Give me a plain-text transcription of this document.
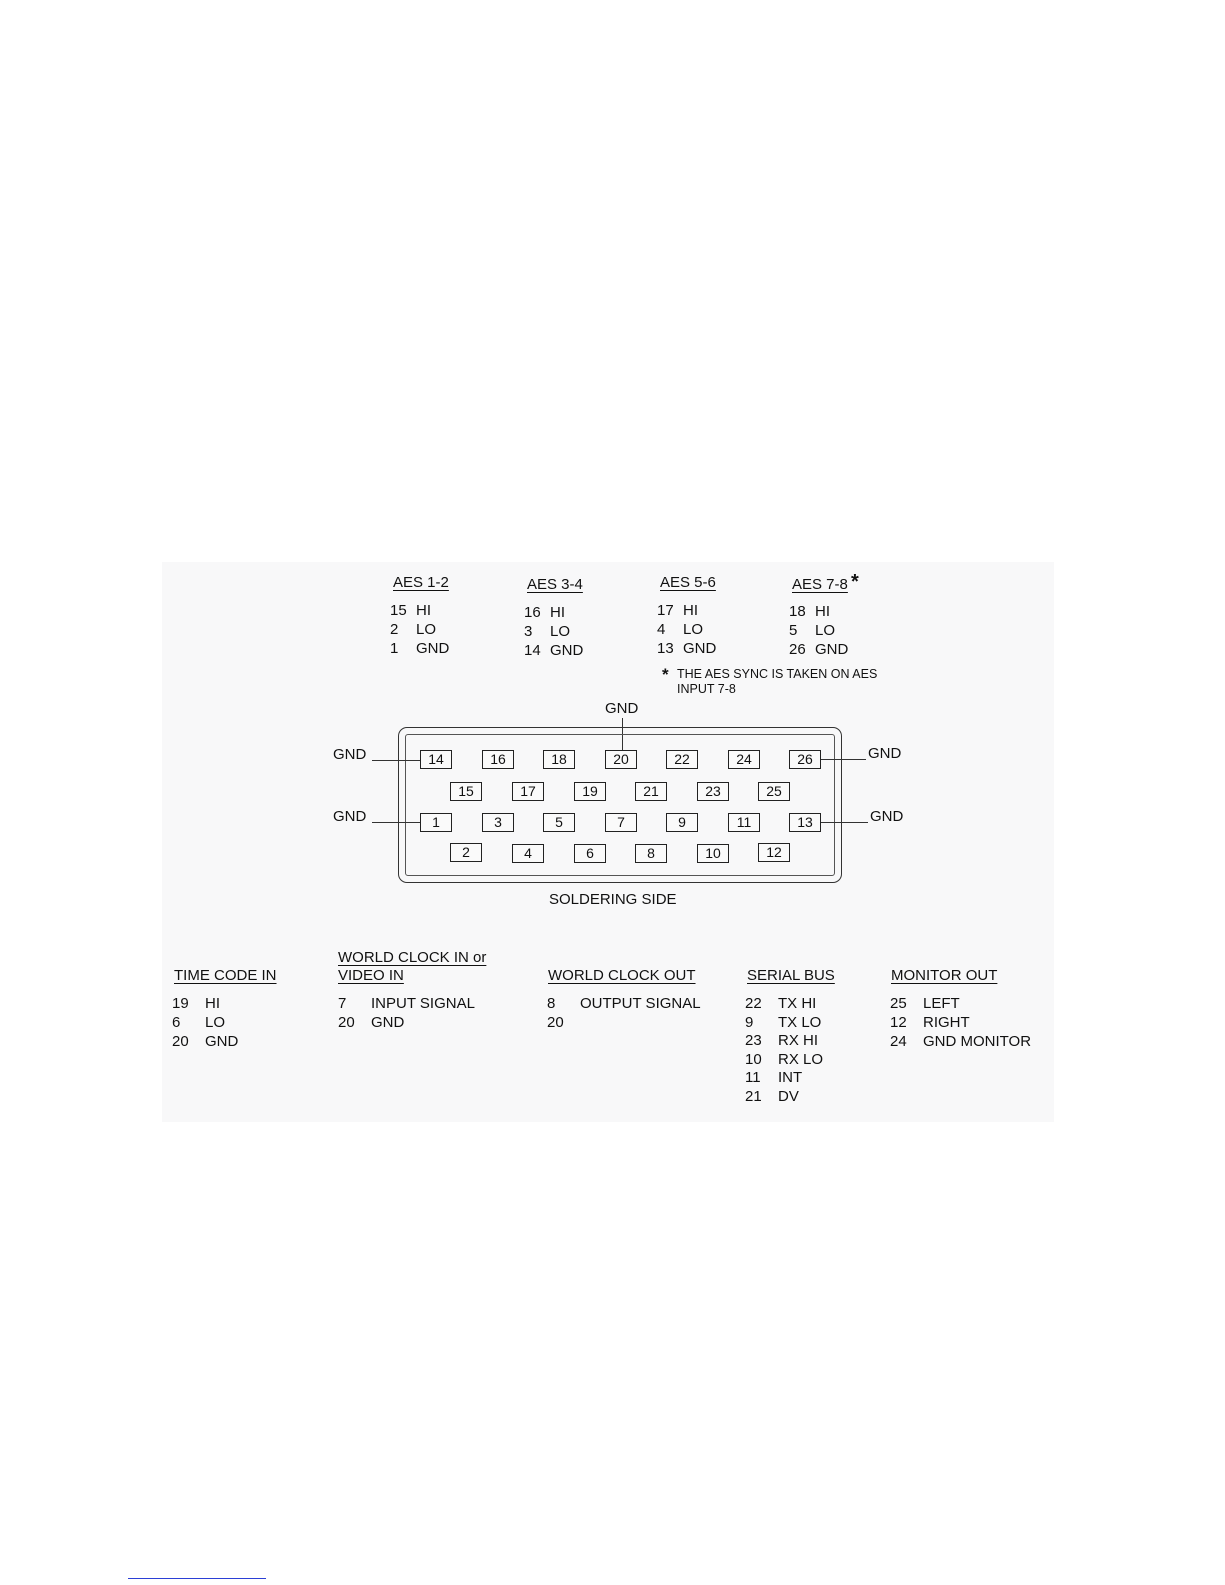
AES 1-2
15 HI
2 LO
1 GND
AES 3-4
16 HI
3 LO
14 GND
AES 5-6
17 HI
4 LO
13 GND
AES 7-8 *
18 HI
5 LO
26 GND
* THE AES SYNC IS TAKEN ON AES
INPUT 7-8
GND
GND
GND
GND
GND
14	16	18	20	22	24	26
15	17	19	21	23	25
1	3	5	7	9	11	13
2	4	6	8	10	12
SOLDERING SIDE
TIME CODE IN
19 HI
6 LO
20 GND
WORLD CLOCK IN or
VIDEO IN
7 INPUT SIGNAL
20 GND
WORLD CLOCK OUT
8 OUTPUT SIGNAL
20
SERIAL BUS
22 TX HI
9 TX LO
23 RX HI
10 RX LO
11 INT
21 DV
MONITOR OUT
25 LEFT
12 RIGHT
24 GND MONITOR
